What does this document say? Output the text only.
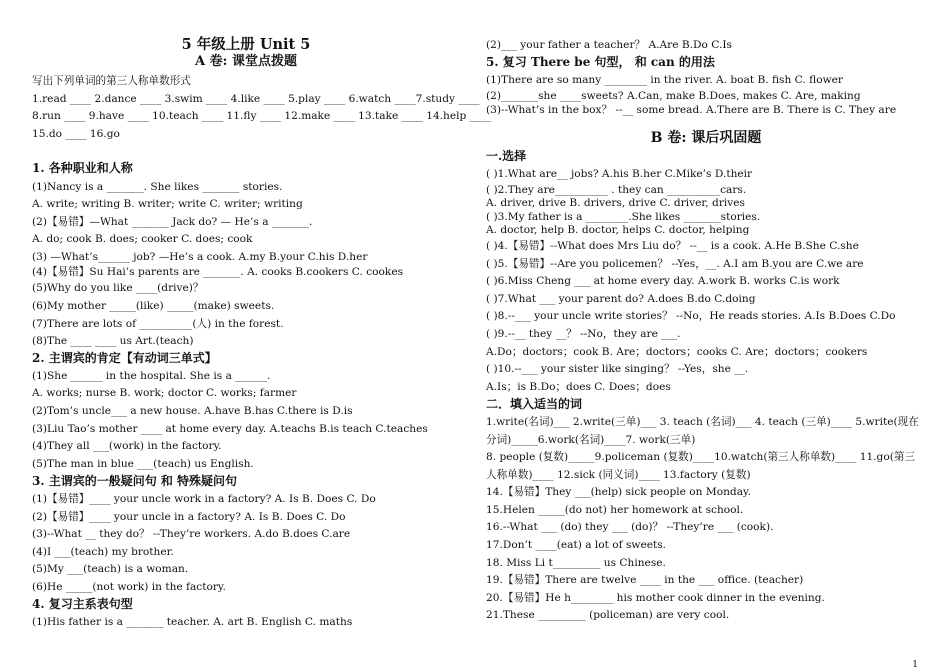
5 年级上册 Unit 5
A 卷: 课堂点拨题
写出下列单词的第三人称单数形式
1.read ____ 2.dance ____ 3.swim ____ 4.like ____ 5.play ____ 6.watch ____7.study ____
8.run ____ 9.have ____ 10.teach ____ 11.fly ____ 12.make ____ 13.take ____ 14.help ____
15.do ____ 16.go
1. 各种职业和人称
(1)Nancy is a _______. She likes _______ stories.
A. write; writing B. writer; write C. writer; writing
(2)【易错】—What _______ Jack do? — He’s a _______.
A. do; cook B. does; cooker C. does; cook
(3) —What’s______ job? —He’s a cook. A.my B.your C.his D.her
(4)【易错】Su Hai’s parents are _______. A. cooks B.cookers C. cookes
(5)Why do you like ____(drive)？
(6)My mother _____(like) _____(make) sweets.
(7)There are lots of __________(人) in the forest.
(8)The ____ ____ us Art.(teach)
2. 主谓宾的肯定【有动词三单式】
(1)She ______ in the hospital. She is a ______.
A. works; nurse B. work; doctor C. works; farmer
(2)Tom’s uncle___ a new house. A.have B.has C.there is D.is
(3)Liu Tao’s mother ____ at home every day. A.teachs B.is teach C.teaches
(4)They all ___(work) in the factory.
(5)The man in blue ___(teach) us English.
3. 主谓宾的一般疑问句 和 特殊疑问句
(1)【易错】____ your uncle work in a factory? A. Is B. Does C. Do
(2)【易错】____ your uncle in a factory? A. Is B. Does C. Do
(3)--What __ they do？ --They’re workers. A.do B.does C.are
(4)I ___(teach) my brother.
(5)My ___(teach) is a woman.
(6)He _____(not work) in the factory.
4. 复习主系表句型
(1)His father is a _______ teacher. A. art B. English C. maths
(2)___ your father a teacher？ A.Are B.Do C.Is
5. 复习 There be 句型， 和 can 的用法
(1)There are so many ________ in the river. A. boat B. fish C. flower
(2)_______she ____sweets? A.Can, make B.Does, makes C. Are, making
(3)--What’s in the box？ --__ some bread. A.There are B. There is C. They are
B 卷: 课后巩固题
一.选择
( )1.What are__ jobs? A.his B.her C.Mike’s D.their
( )2.They are__________ . they can __________cars.
A. driver, drive B. drivers, drive C. driver, drives
( )3.My father is a ________.She likes _______stories.
A. doctor, help B. doctor, helps C. doctor, helping
( )4.【易错】--What does Mrs Liu do？ --__ is a cook. A.He B.She C.she
( )5.【易错】--Are you policemen？ --Yes，__. A.I am B.you are C.we are
( )6.Miss Cheng ___ at home every day. A.work B. works C.is work
( )7.What ___ your parent do? A.does B.do C.doing
( )8.--___ your uncle write stories？ --No，He reads stories. A.Is B.Does C.Do
( )9.--__ they __？ --No，they are ___.
A.Do；doctors；cook B. Are；doctors；cooks C. Are；doctors；cookers
( )10.--___ your sister like singing？ --Yes，she __.
A.Is；is B.Do；does C. Does；does
二．填入适当的词
1.write(名词)___ 2.write(三单)___ 3. teach (名词)___ 4. teach (三单)____ 5.write(现在
分词)_____6.work(名词)____7. work(三单)
8. people (复数)_____9.policeman (复数)____10.watch(第三人称单数)____ 11.go(第三
人称单数)____ 12.sick (同义词)____ 13.factory (复数)
14.【易错】They ___(help) sick people on Monday.
15.Helen _____(do not) her homework at school.
16.--What ___ (do) they ___ (do)？ --They’re ___ (cook).
17.Don’t ____(eat) a lot of sweets.
18. Miss Li t_________ us Chinese.
19.【易错】There are twelve ____ in the ___ office. (teacher)
20.【易错】He h________ his mother cook dinner in the evening.
21.These _________ (policeman) are very cool.
1
